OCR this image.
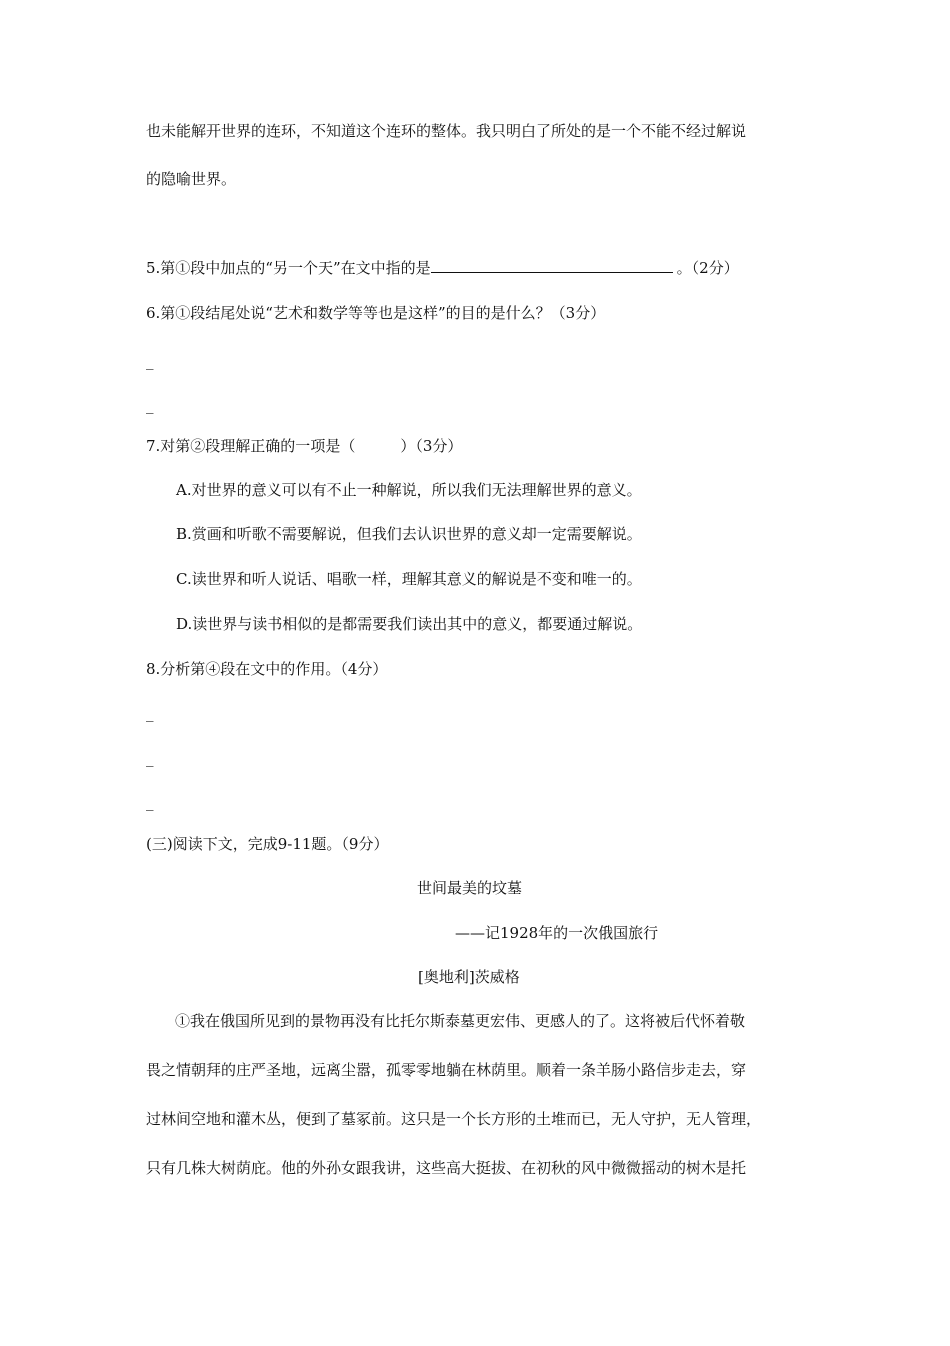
也未能解开世界的连环，不知道这个连环的整体。我只明白了所处的是一个不能不经过解说
的隐喻世界。
5.第①段中加点的“另一个天”在文中指的是	。（2分）
6.第①段结尾处说“艺术和数学等等也是这样”的目的是什么？（3分）
_
_
7.对第②段理解正确的一项是（　　　）（3分）
A.对世界的意义可以有不止一种解说，所以我们无法理解世界的意义。
B.赏画和听歌不需要解说，但我们去认识世界的意义却一定需要解说。
C.读世界和听人说话、唱歌一样，理解其意义的解说是不变和唯一的。
D.读世界与读书相似的是都需要我们读出其中的意义，都要通过解说。
8.分析第④段在文中的作用。（4分）
_
_
_
(三)阅读下文，完成9-11题。（9分）
世间最美的坟墓
——记1928年的一次俄国旅行
[奥地利]茨威格
①我在俄国所见到的景物再没有比托尔斯泰墓更宏伟、更感人的了。这将被后代怀着敬
畏之情朝拜的庄严圣地，远离尘嚣，孤零零地躺在林荫里。顺着一条羊肠小路信步走去，穿
过林间空地和灌木丛，便到了墓冢前。这只是一个长方形的土堆而已，无人守护，无人管理，
只有几株大树荫庇。他的外孙女跟我讲，这些高大挺拔、在初秋的风中微微摇动的树木是托
